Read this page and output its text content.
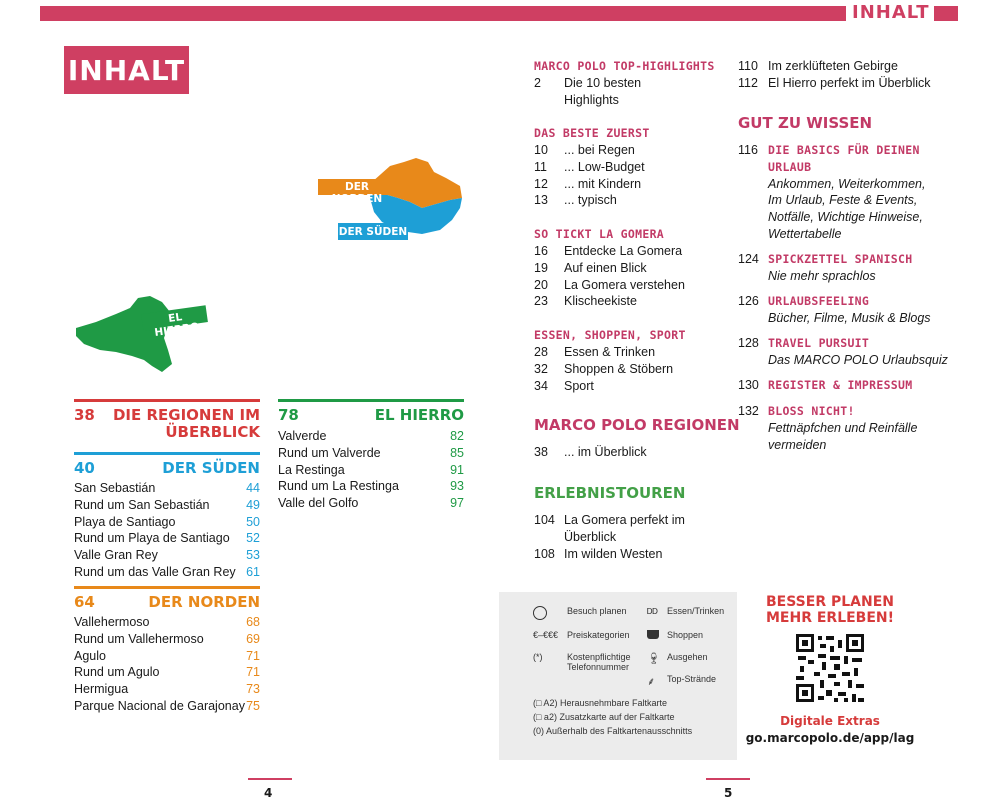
INHALT
INHALT
DER NORDEN
DER SÜDEN
EL HIERRO
38	DIE REGIONEN IM ÜBERBLICK
40	DER SÜDEN
San Sebastián	44
Rund um San Sebastián	49
Playa de Santiago	50
Rund um Playa de Santiago 52
Valle Gran Rey	53
Rund um das Valle Gran Rey 61
64	DER NORDEN
Vallehermoso	68
Rund um Vallehermoso	69
Agulo	71
Rund um Agulo	71
Hermigua	73
Parque Nacional de Garajonay 75
78	EL HIERRO
Valverde	82
Rund um Valverde	85
La Restinga	91
Rund um La Restinga	93
Valle del Golfo	97
MARCO POLO TOP-HIGHLIGHTS
2	Die 10 besten
Highlights
DAS BESTE ZUERST
10	... bei Regen
11	... Low-Budget
12	... mit Kindern
13	... typisch
SO TICKT LA GOMERA
16	Entdecke La Gomera
19	Auf einen Blick
20	La Gomera verstehen
23	Klischeekiste
ESSEN, SHOPPEN, SPORT
28	Essen & Trinken
32	Shoppen & Stöbern
34	Sport
MARCO POLO REGIONEN
38	... im Überblick
ERLEBNISTOUREN
104 La Gomera perfekt im
Überblick
108 Im wilden Westen
110 Im zerklüfteten Gebirge
112 El Hierro perfekt im Überblick
GUT ZU WISSEN
116 DIE BASICS FÜR DEINEN
URLAUB
Ankommen, Weiterkommen,
Im Urlaub, Feste & Events,
Notfälle, Wichtige Hinweise,
Wettertabelle
124 SPICKZETTEL SPANISCH
Nie mehr sprachlos
126 URLAUBSFEELING
Bücher, Filme, Musik & Blogs
128 TRAVEL PURSUIT
Das MARCO POLO Urlaubsquiz
130 REGISTER & IMPRESSUM
132 BLOSS NICHT!
Fettnäpfchen und Reinfälle
vermeiden
Besuch planen
€–€€€ Preiskategorien
(*)	Kostenpflichtige
Telefonnummer
ᴰᴰ	Essen/Trinken
Shoppen
🍷︎ Ausgehen
⸙	Top-Strände
(□ A2) Herausnehmbare Faltkarte
(□ a2) Zusatzkarte auf der Faltkarte
(0) Außerhalb des Faltkartenausschnitts
BESSER PLANEN
MEHR ERLEBEN!
Digitale Extras
go.marcopolo.de/app/lag
4	5
